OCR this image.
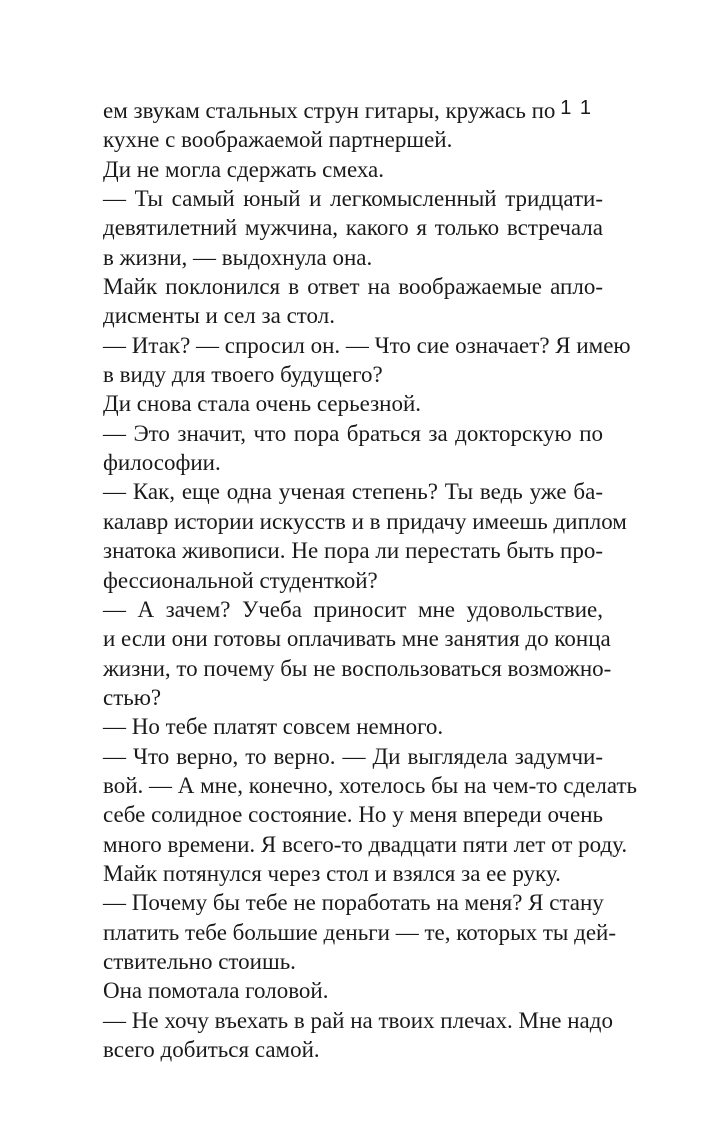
11
ем звукам стальных струн гитары, кружась по
кухне с воображаемой партнершей.
Ди не могла сдержать смеха.
— Ты самый юный и легкомысленный тридцати-
девятилетний мужчина, какого я только встречала
в жизни, — выдохнула она.
Майк поклонился в ответ на воображаемые апло-
дисменты и сел за стол.
— Итак? — спросил он. — Что сие означает? Я имею
в виду для твоего будущего?
Ди снова стала очень серьезной.
— Это значит, что пора браться за докторскую по
философии.
— Как, еще одна ученая степень? Ты ведь уже ба-
калавр истории искусств и в придачу имеешь диплом
знатока живописи. Не пора ли перестать быть про-
фессиональной студенткой?
— А зачем? Учеба приносит мне удовольствие,
и если они готовы оплачивать мне занятия до конца
жизни, то почему бы не воспользоваться возможно-
стью?
— Но тебе платят совсем немного.
— Что верно, то верно. — Ди выглядела задумчи-
вой. — А мне, конечно, хотелось бы на чем-то сделать
себе солидное состояние. Но у меня впереди очень
много времени. Я всего-то двадцати пяти лет от роду.
Майк потянулся через стол и взялся за ее руку.
— Почему бы тебе не поработать на меня? Я стану
платить тебе большие деньги — те, которых ты дей-
ствительно стоишь.
Она помотала головой.
— Не хочу въехать в рай на твоих плечах. Мне надо
всего добиться самой.
